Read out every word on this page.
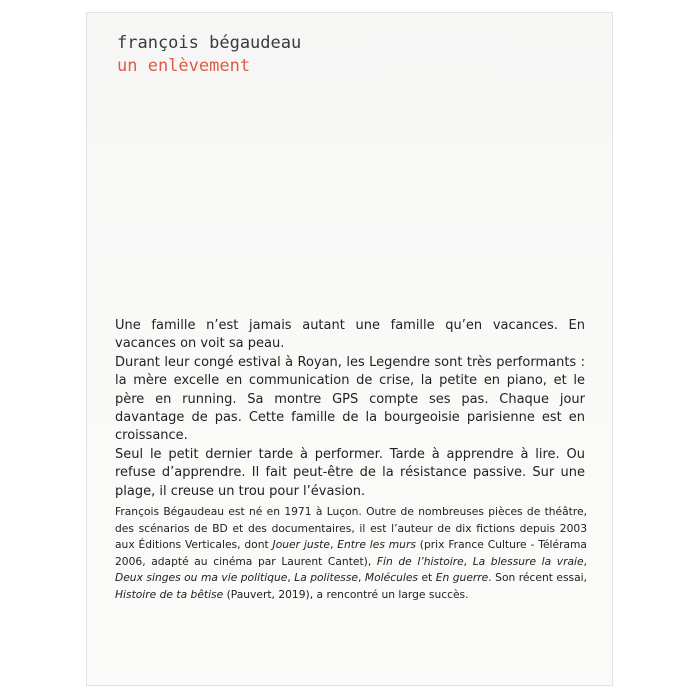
françois bégaudeau
un enlèvement

Une famille n’est jamais autant une famille qu’en vacances. En vacances on voit sa peau.

Durant leur congé estival à Royan, les Legendre sont très performants : la mère excelle en communication de crise, la petite en piano, et le père en running. Sa montre GPS compte ses pas. Chaque jour davantage de pas. Cette famille de la bourgeoisie parisienne est en croissance.

Seul le petit dernier tarde à performer. Tarde à apprendre à lire. Ou refuse d’apprendre. Il fait peut-être de la résistance passive. Sur une plage, il creuse un trou pour l’évasion.

François Bégaudeau est né en 1971 à Luçon. Outre de nombreuses pièces de théâtre, des scénarios de BD et des documentaires, il est l’auteur de dix fictions depuis 2003 aux Éditions Verticales, dont Jouer juste, Entre les murs (prix France Culture - Télérama 2006, adapté au cinéma par Laurent Cantet), Fin de l’histoire, La blessure la vraie, Deux singes ou ma vie politique, La politesse, Molécules et En guerre. Son récent essai, Histoire de ta bêtise (Pauvert, 2019), a rencontré un large succès.
